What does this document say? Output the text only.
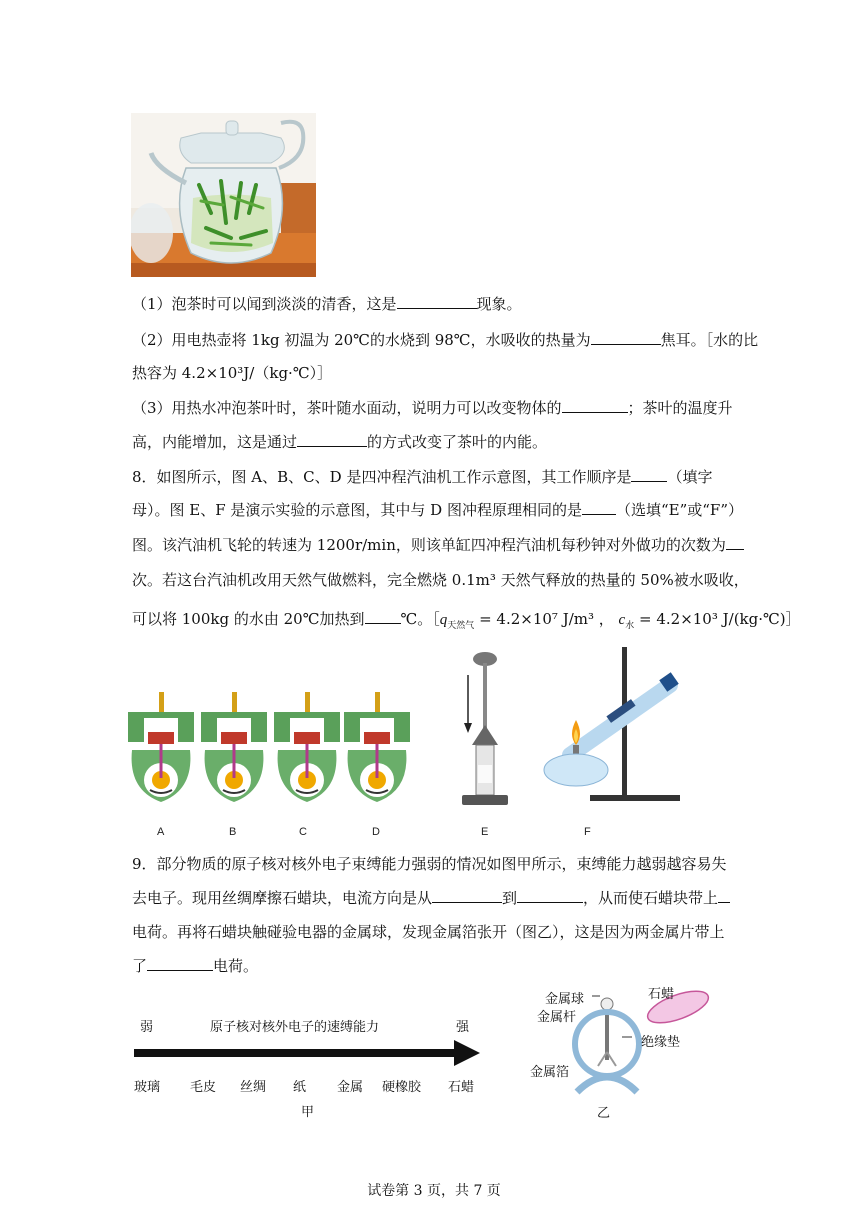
（1）泡茶时可以闻到淡淡的清香，这是	现象。
（2）用电热壶将 1kg 初温为 20℃的水烧到 98℃，水吸收的热量为	焦耳。［水的比
热容为 4.2×10³J/（kg·℃）］
（3）用热水冲泡茶叶时，茶叶随水面动，说明力可以改变物体的	；茶叶的温度升
高，内能增加，这是通过	的方式改变了茶叶的内能。
8．如图所示，图 A、B、C、D 是四冲程汽油机工作示意图，其工作顺序是 （填字
母）。图 E、F 是演示实验的示意图，其中与 D 图冲程原理相同的是 （选填“E”或“F”）
图。该汽油机飞轮的转速为 1200r/min，则该单缸四冲程汽油机每秒钟对外做功的次数为
次。若这台汽油机改用天然气做燃料，完全燃烧 0.1m³ 天然气释放的热量的 50%被水吸收，
可以将 100kg 的水由 20℃加热到 ℃。$[q_{天然气} = 4.2\times 10^7$ J/m³ ， $c_水 = 4.2\times 10^3$ J/(kg·℃)］
A	B	C	D	E	F
9．部分物质的原子核对核外电子束缚能力强弱的情况如图甲所示，束缚能力越弱越容易失
去电子。现用丝绸摩擦石蜡块，电流方向是从	到	，从而使石蜡块带上
电荷。再将石蜡块触碰验电器的金属球，发现金属箔张开（图乙），这是因为两金属片带上
了	电荷。
弱	原子核对核外电子的速缚能力	强
玻璃 毛皮 丝绸 纸 金属 硬橡胶 石蜡
甲
金属球
金属杆
金属箔
石蜡
绝缘垫
乙
试卷第 3 页，共 7 页
